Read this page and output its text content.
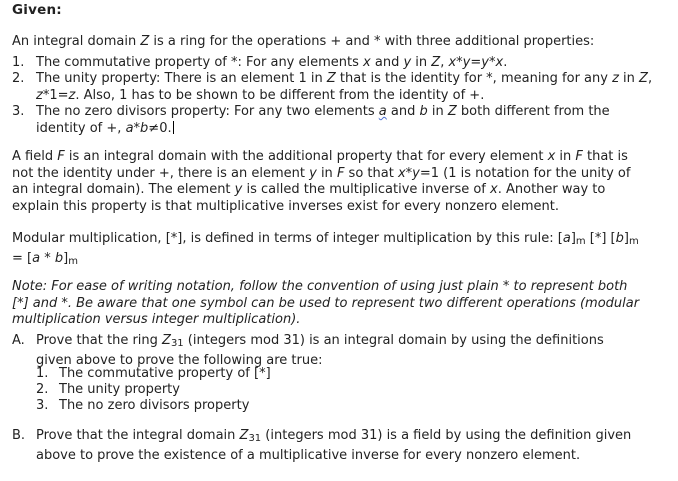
Given:
An integral domain Z is a ring for the operations + and * with three additional properties:
1. The commutative property of *: For any elements x and y in Z, x*y=y*x.
2. The unity property: There is an element 1 in Z that is the identity for *, meaning for any z in Z, z*1=z. Also, 1 has to be shown to be different from the identity of +.
3. The no zero divisors property: For any two elements a and b in Z both different from the identity of +, a*b≠0.
A field F is an integral domain with the additional property that for every element x in F that is not the identity under +, there is an element y in F so that x*y=1 (1 is notation for the unity of an integral domain). The element y is called the multiplicative inverse of x. Another way to explain this property is that multiplicative inverses exist for every nonzero element.
Modular multiplication, [*], is defined in terms of integer multiplication by this rule: $[a]_m$ [*] $[b]_m = [a * b]_m$
Note: For ease of writing notation, follow the convention of using just plain * to represent both [*] and *. Be aware that one symbol can be used to represent two different operations (modular multiplication versus integer multiplication).
A. Prove that the ring $Z_{31}$ (integers mod 31) is an integral domain by using the definitions given above to prove the following are true:
1. The commutative property of [*]
2. The unity property
3. The no zero divisors property
B. Prove that the integral domain $Z_{31}$ (integers mod 31) is a field by using the definition given above to prove the existence of a multiplicative inverse for every nonzero element.
